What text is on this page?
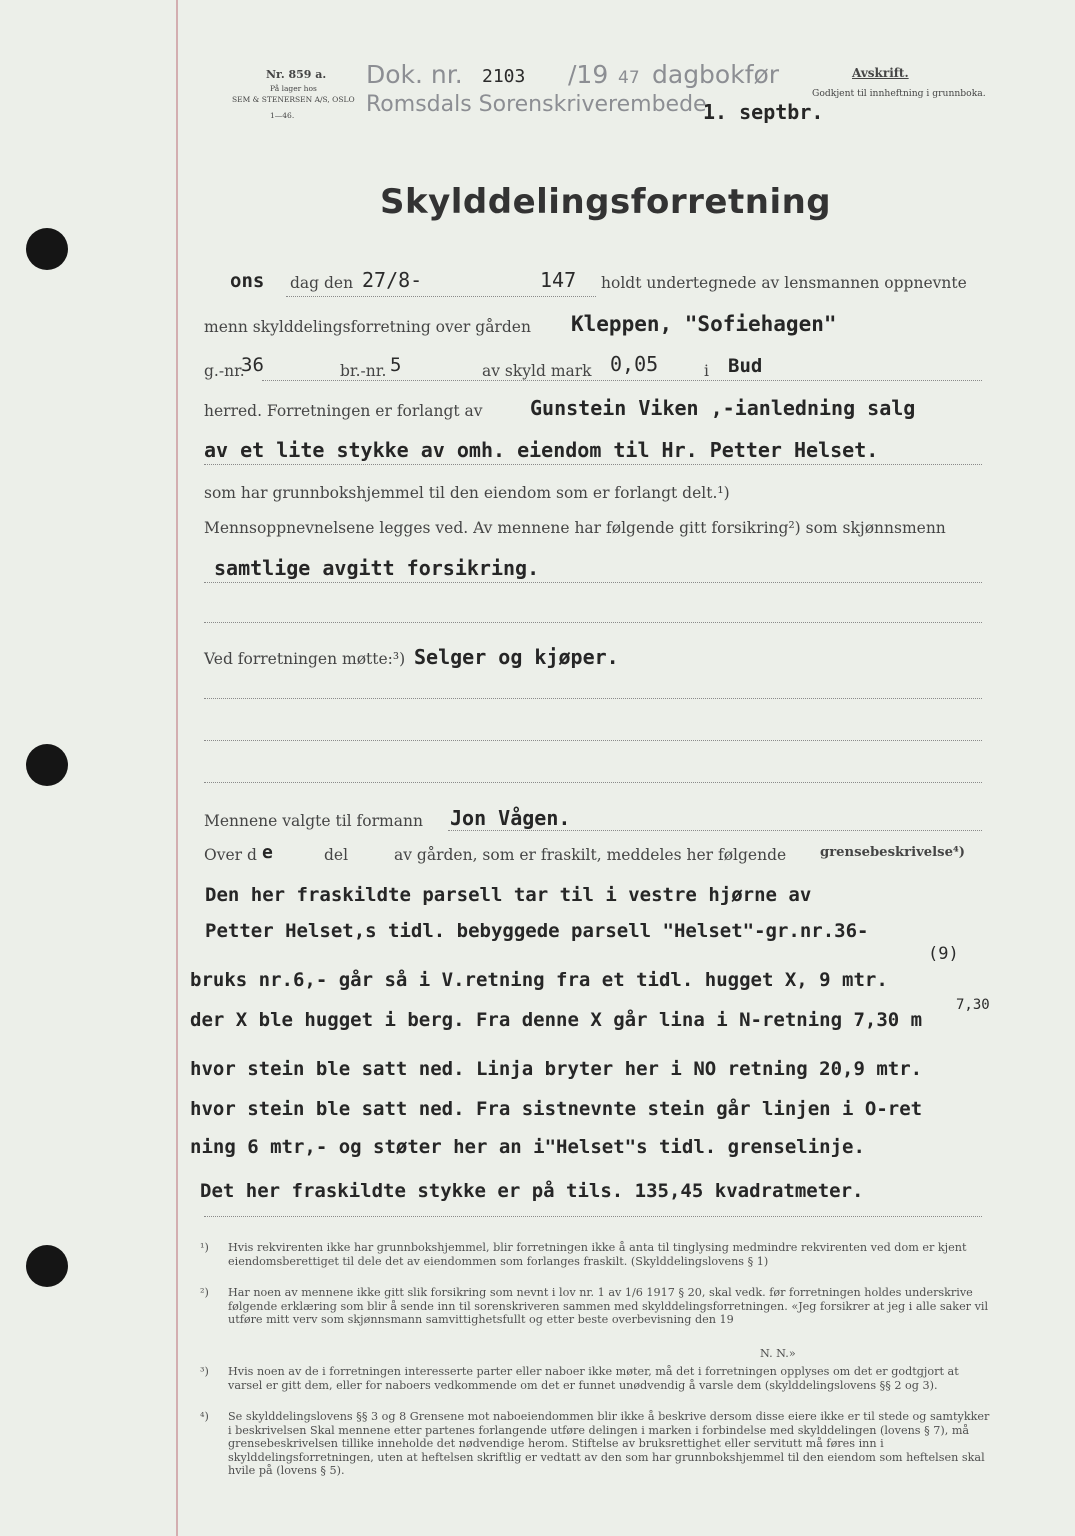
Nr. 859 a.
På lager hos
SEM & STENERSEN A/S, OSLO
1—46.
Dok. nr. 2103 /19 47 dagbokfør
Romsdals Sorenskriverembede
1. septbr.
Avskrift.
Godkjent til innheftning i grunnboka.
Skylddelingsforretning
ons dag den 27/8-	147 holdt undertegnede av lensmannen oppnevnte
menn skylddelingsforretning over gården Kleppen, "Sofiehagen"
g.-nr.
36	br.-nr. 5	av skyld mark 0,05	i Bud
herred. Forretningen er forlangt av Gunstein Viken ,-ianledning salg
av et lite stykke av omh. eiendom til Hr. Petter Helset.
som har grunnbokshjemmel til den eiendom som er forlangt delt.¹)
Mennsoppnevnelsene legges ved. Av mennene har følgende gitt forsikring²) som skjønnsmenn
samtlige avgitt forsikring.
Ved forretningen møtte:³) Selger og kjøper.
Mennene valgte til formann Jon Vågen.
Over d e	del	av gården, som er fraskilt, meddeles her følgende	grensebeskrivelse⁴)
Den her fraskildte parsell tar til i vestre hjørne av
Petter Helset,s tidl. bebyggede parsell "Helset"-gr.nr.36-
(9)
bruks nr.6,- går så i V.retning fra et tidl. hugget X, 9 mtr.
7,30
der X ble hugget i berg. Fra denne X går lina i N-retning 7,30 m
hvor stein ble satt ned. Linja bryter her i NO retning 20,9 mtr.
hvor stein ble satt ned. Fra sistnevnte stein går linjen i O-ret
ning 6 mtr,- og støter her an i"Helset"s tidl. grenselinje.
Det her fraskildte stykke er på tils. 135,45 kvadratmeter.
¹)	Hvis rekvirenten ikke har grunnbokshjemmel, blir forretningen ikke å anta til tinglysing medmindre rekvirenten ved dom er kjent eiendomsberettiget til dele det av eiendommen som forlanges fraskilt. (Skylddelingslovens § 1)
²)	Har noen av mennene ikke gitt slik forsikring som nevnt i lov nr. 1 av 1/6 1917 § 20, skal vedk. før forretningen holdes underskrive følgende erklæring som blir å sende inn til sorenskriveren sammen med skylddelingsforretningen. «Jeg forsikrer at jeg i alle saker vil utføre mitt verv som skjønnsmann samvittighetsfullt og etter beste overbevisning den 19
N. N.»
³)	Hvis noen av de i forretningen interesserte parter eller naboer ikke møter, må det i forretningen opplyses om det er godtgjort at varsel er gitt dem, eller for naboers vedkommende om det er funnet unødvendig å varsle dem (skylddelingslovens §§ 2 og 3).
⁴)	Se skylddelingslovens §§ 3 og 8 Grensene mot naboeiendommen blir ikke å beskrive dersom disse eiere ikke er til stede og samtykker i beskrivelsen Skal mennene etter partenes forlangende utføre delingen i marken i forbindelse med skylddelingen (lovens § 7), må grensebeskrivelsen tillike inneholde det nødvendige herom. Stiftelse av bruksrettighet eller servitutt må føres inn i skylddelingsforretningen, uten at heftelsen skriftlig er vedtatt av den som har grunnbokshjemmel til den eiendom som heftelsen skal hvile på (lovens § 5).
